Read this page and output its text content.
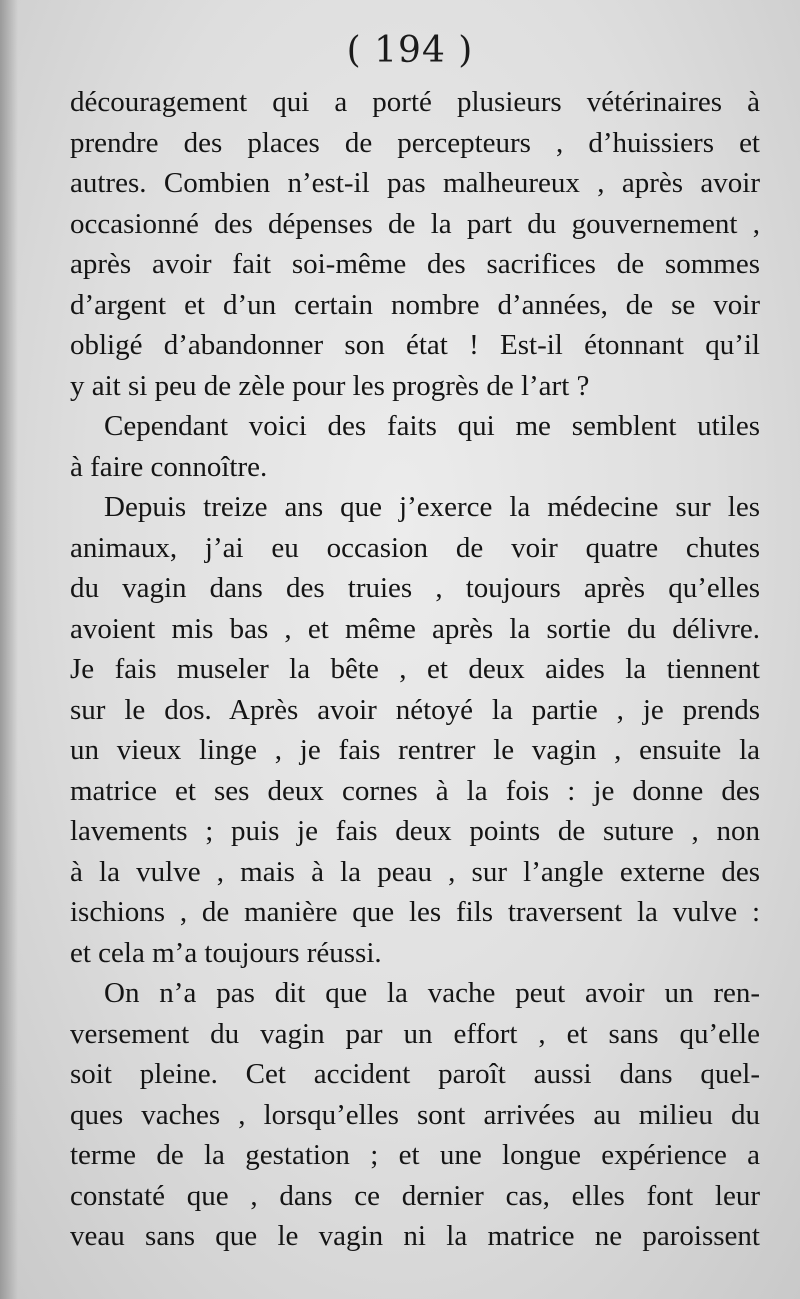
( 194 )
découragement qui a porté plusieurs vétérinaires à
prendre des places de percepteurs , d’huissiers et
autres. Combien n’est-il pas malheureux , après avoir
occasionné des dépenses de la part du gouvernement ,
après avoir fait soi-même des sacrifices de sommes
d’argent et d’un certain nombre d’années, de se voir
obligé d’abandonner son état ! Est-il étonnant qu’il
y ait si peu de zèle pour les progrès de l’art ?
Cependant voici des faits qui me semblent utiles
à faire connoître.
Depuis treize ans que j’exerce la médecine sur les
animaux, j’ai eu occasion de voir quatre chutes
du vagin dans des truies , toujours après qu’elles
avoient mis bas , et même après la sortie du délivre.
Je fais museler la bête , et deux aides la tiennent
sur le dos. Après avoir nétoyé la partie , je prends
un vieux linge , je fais rentrer le vagin , ensuite la
matrice et ses deux cornes à la fois : je donne des
lavements ; puis je fais deux points de suture , non
à la vulve , mais à la peau , sur l’angle externe des
ischions , de manière que les fils traversent la vulve :
et cela m’a toujours réussi.
On n’a pas dit que la vache peut avoir un ren-
versement du vagin par un effort , et sans qu’elle
soit pleine. Cet accident paroît aussi dans quel-
ques vaches , lorsqu’elles sont arrivées au milieu du
terme de la gestation ; et une longue expérience a
constaté que , dans ce dernier cas, elles font leur
veau sans que le vagin ni la matrice ne paroissent
